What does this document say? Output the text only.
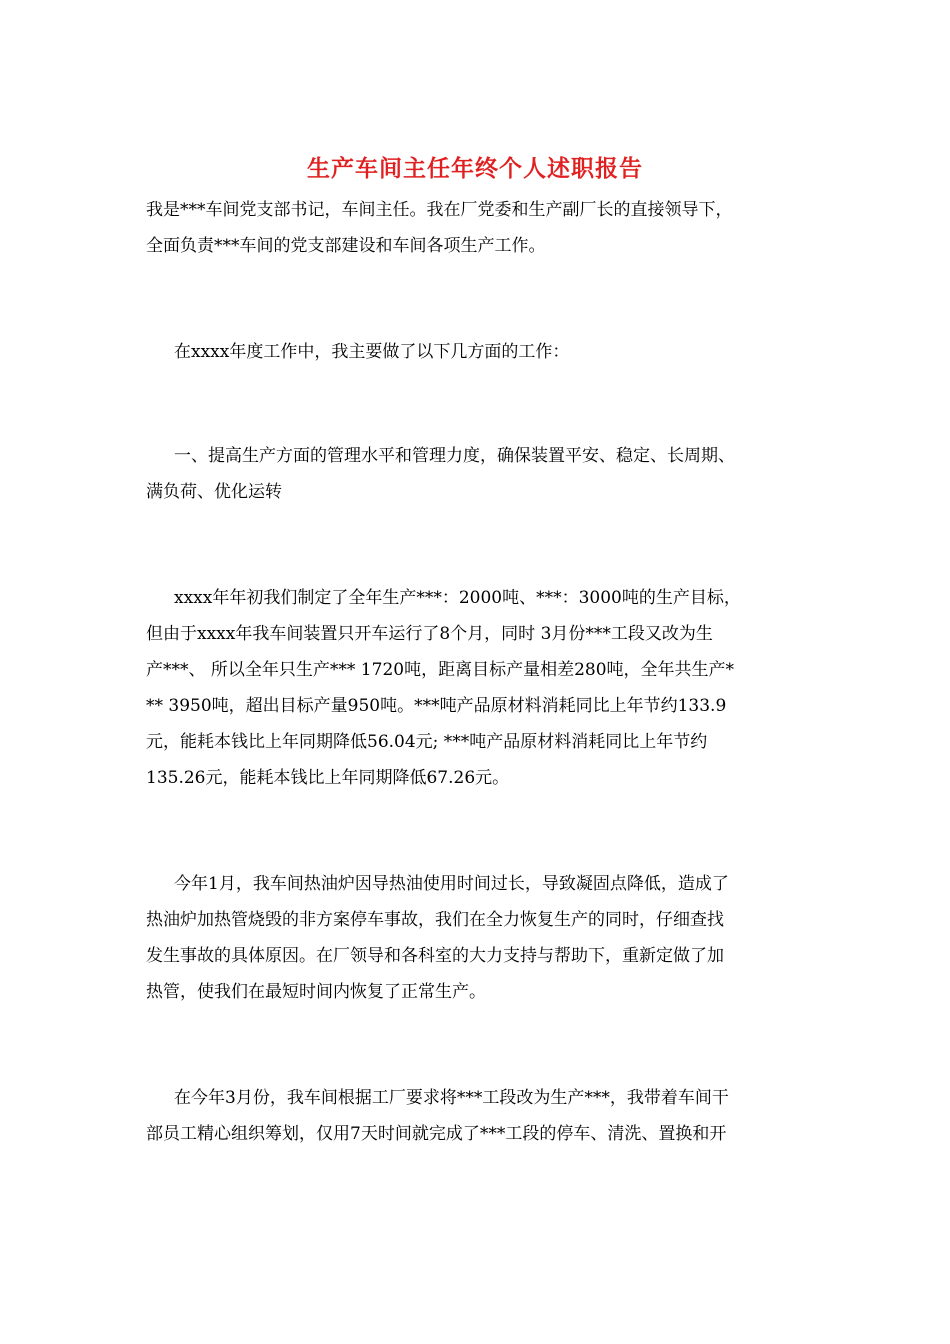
生产车间主任年终个人述职报告
我是***车间党支部书记，车间主任。我在厂党委和生产副厂长的直接领导下，
全面负责***车间的党支部建设和车间各项生产工作。
在xxxx年度工作中，我主要做了以下几方面的工作：
一、提高生产方面的管理水平和管理力度，确保装置平安、稳定、长周期、
满负荷、优化运转
xxxx年年初我们制定了全年生产***：2000吨、***：3000吨的生产目标，
但由于xxxx年我车间装置只开车运行了8个月，同时 3月份***工段又改为生
产***、 所以全年只生产*** 1720吨，距离目标产量相差280吨，全年共生产*
** 3950吨，超出目标产量950吨。***吨产品原材料消耗同比上年节约133.9
元，能耗本钱比上年同期降低56.04元; ***吨产品原材料消耗同比上年节约
135.26元，能耗本钱比上年同期降低67.26元。
今年1月，我车间热油炉因导热油使用时间过长，导致凝固点降低，造成了
热油炉加热管烧毁的非方案停车事故，我们在全力恢复生产的同时，仔细查找
发生事故的具体原因。在厂领导和各科室的大力支持与帮助下，重新定做了加
热管，使我们在最短时间内恢复了正常生产。
在今年3月份，我车间根据工厂要求将***工段改为生产***，我带着车间干
部员工精心组织筹划，仅用7天时间就完成了***工段的停车、清洗、置换和开
